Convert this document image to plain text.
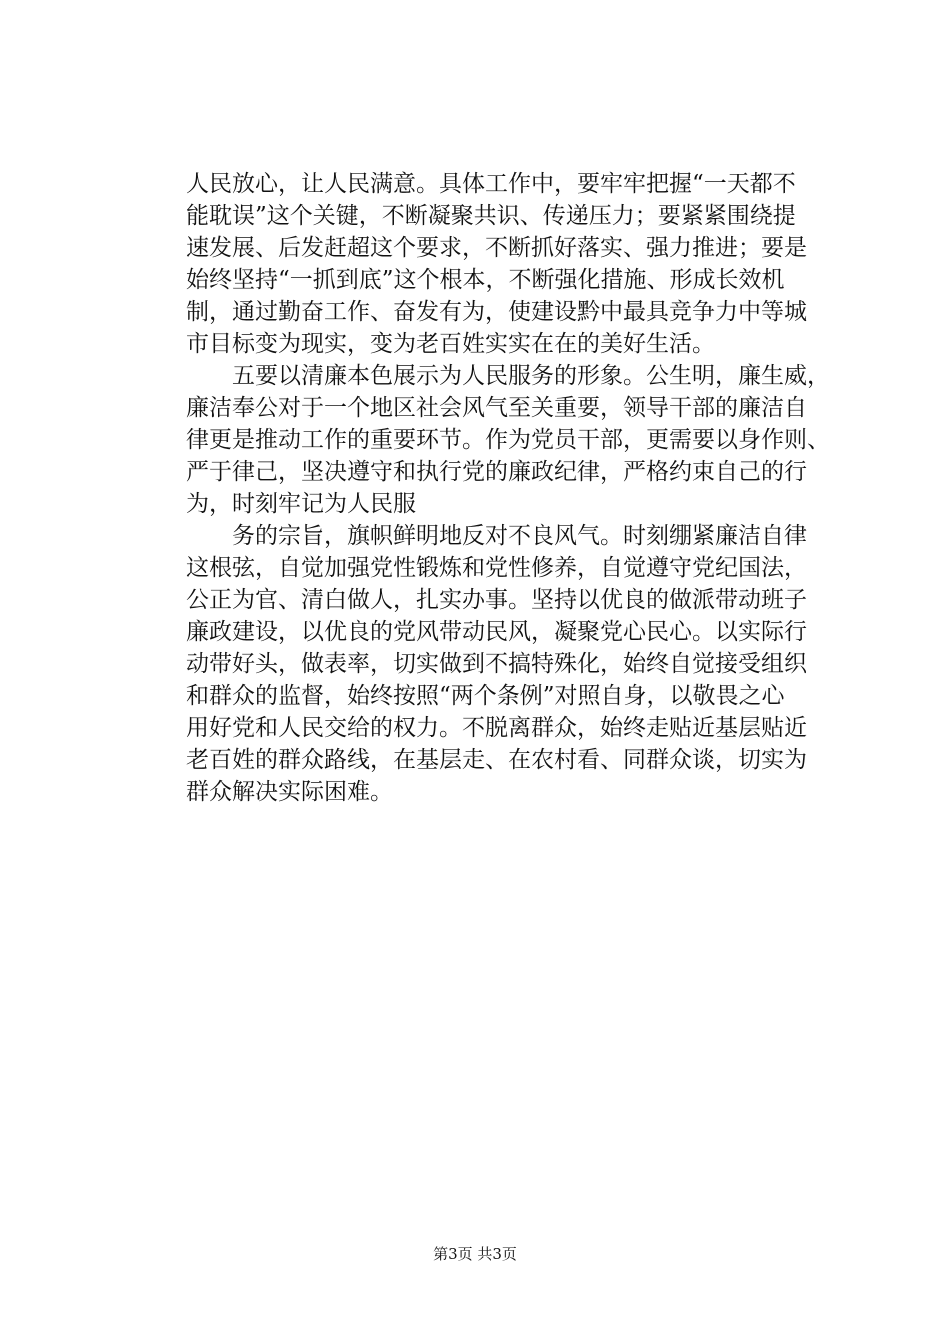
人民放心，让人民满意。具体工作中，要牢牢把握“一天都不
能耽误”这个关键，不断凝聚共识、传递压力；要紧紧围绕提
速发展、后发赶超这个要求，不断抓好落实、强力推进；要是
始终坚持“一抓到底”这个根本，不断强化措施、形成长效机
制，通过勤奋工作、奋发有为，使建设黔中最具竞争力中等城
市目标变为现实，变为老百姓实实在在的美好生活。
五要以清廉本色展示为人民服务的形象。公生明，廉生威，
廉洁奉公对于一个地区社会风气至关重要，领导干部的廉洁自
律更是推动工作的重要环节。作为党员干部，更需要以身作则、
严于律己，坚决遵守和执行党的廉政纪律，严格约束自己的行
为，时刻牢记为人民服
务的宗旨，旗帜鲜明地反对不良风气。时刻绷紧廉洁自律
这根弦，自觉加强党性锻炼和党性修养，自觉遵守党纪国法，
公正为官、清白做人，扎实办事。坚持以优良的做派带动班子
廉政建设，以优良的党风带动民风，凝聚党心民心。以实际行
动带好头，做表率，切实做到不搞特殊化，始终自觉接受组织
和群众的监督，始终按照“两个条例”对照自身，以敬畏之心
用好党和人民交给的权力。不脱离群众，始终走贴近基层贴近
老百姓的群众路线，在基层走、在农村看、同群众谈，切实为
群众解决实际困难。
第3页 共3页
